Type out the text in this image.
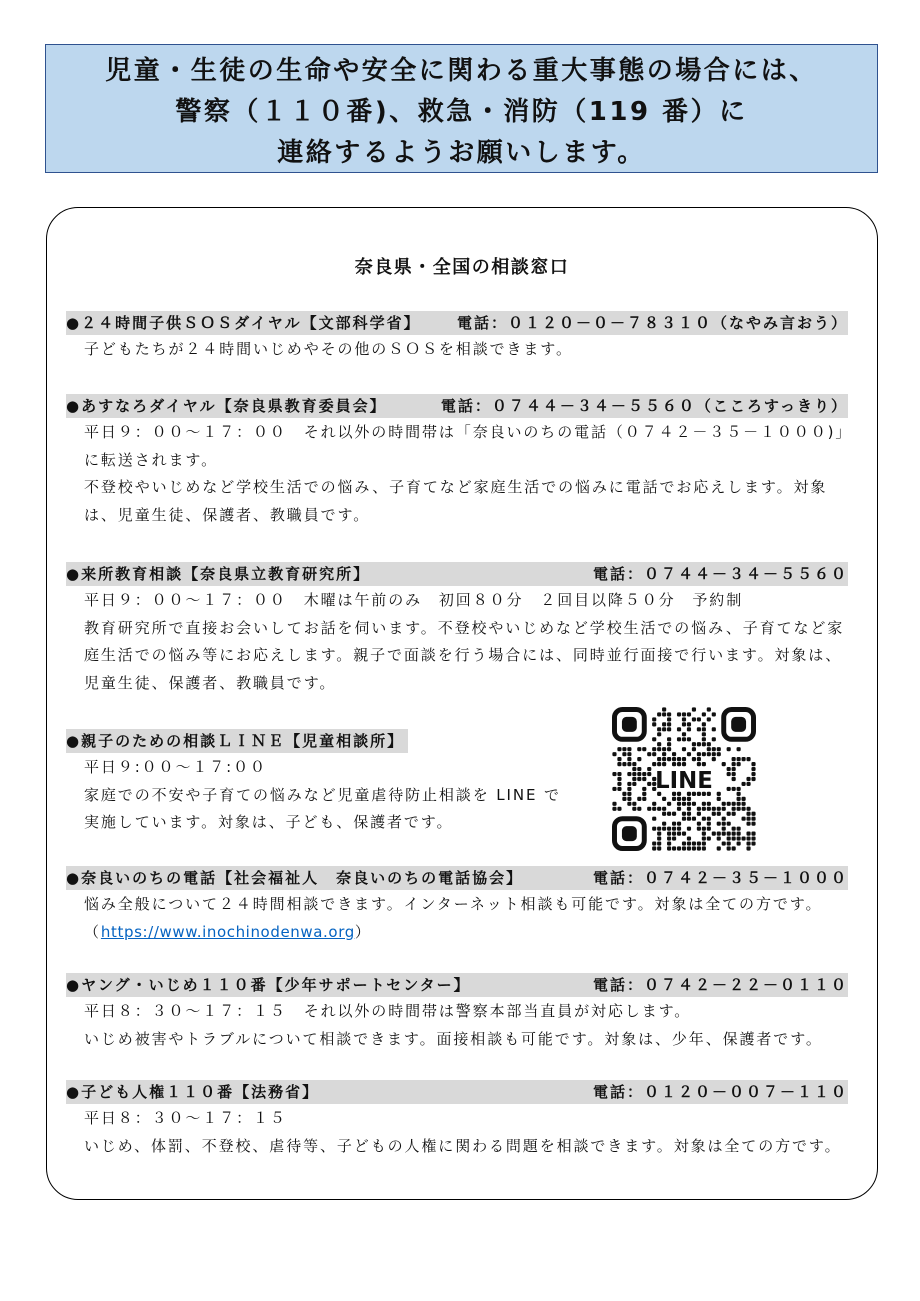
児童・生徒の生命や安全に関わる重大事態の場合には、
警察（１１０番)、救急・消防（119 番）に
連絡するようお願いします。
奈良県・全国の相談窓口
●２４時間子供ＳＯＳダイヤル【文部科学省】 電話：０１２０－０－７８３１０（なやみ言おう）
子どもたちが２４時間いじめやその他のＳＯＳを相談できます。
●あすなろダイヤル【奈良県教育委員会】	電話：０７４４－３４－５５６０（こころすっきり）
平日９：００～１７：００　それ以外の時間帯は「奈良いのちの電話（０７４２－３５－１０００)」
に転送されます。
不登校やいじめなど学校生活での悩み、子育てなど家庭生活での悩みに電話でお応えします。対象
は、児童生徒、保護者、教職員です。
●来所教育相談【奈良県立教育研究所】	電話：０７４４－３４－５５６０
平日９：００～１７：００　木曜は午前のみ　初回８０分　２回目以降５０分　予約制
教育研究所で直接お会いしてお話を伺います。不登校やいじめなど学校生活での悩み、子育てなど家
庭生活での悩み等にお応えします。親子で面談を行う場合には、同時並行面接で行います。対象は、
児童生徒、保護者、教職員です。
●親子のための相談ＬＩＮＥ【児童相談所】
平日９:００～１７:００
家庭での不安や子育ての悩みなど児童虐待防止相談を LINE で
実施しています。対象は、子ども、保護者です。
LINE
●奈良いのちの電話【社会福祉人　奈良いのちの電話協会】	電話：０７４２－３５－１０００
悩み全般について２４時間相談できます。インターネット相談も可能です。対象は全ての方です。
（https://www.inochinodenwa.org）
●ヤング・いじめ１１０番【少年サポートセンター】	電話：０７４２－２２－０１１０
平日８：３０～１７：１５　それ以外の時間帯は警察本部当直員が対応します。
いじめ被害やトラブルについて相談できます。面接相談も可能です。対象は、少年、保護者です。
●子ども人権１１０番【法務省】	電話：０１２０－００７－１１０
平日８：３０～１７：１５
いじめ、体罰、不登校、虐待等、子どもの人権に関わる問題を相談できます。対象は全ての方です。
